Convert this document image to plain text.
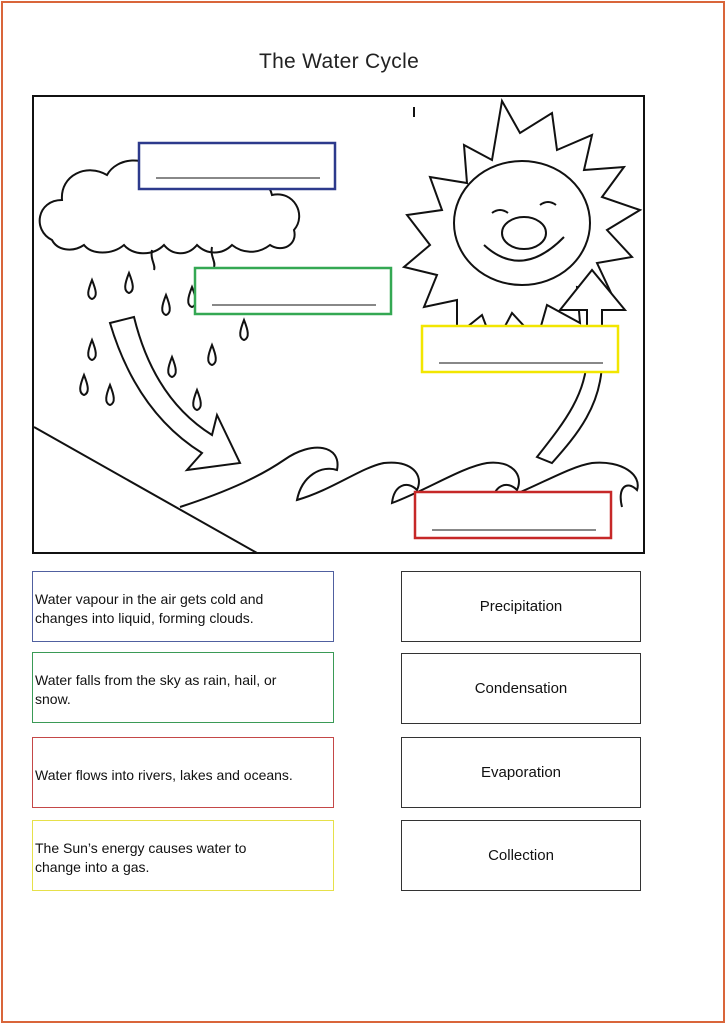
The Water Cycle
Water vapour in the air gets cold and
changes into liquid, forming clouds.
Water falls from the sky as rain, hail, or
snow.
Water flows into rivers, lakes and oceans.
The Sun’s energy causes water to
change into a gas.
Precipitation
Condensation
Evaporation
Collection
